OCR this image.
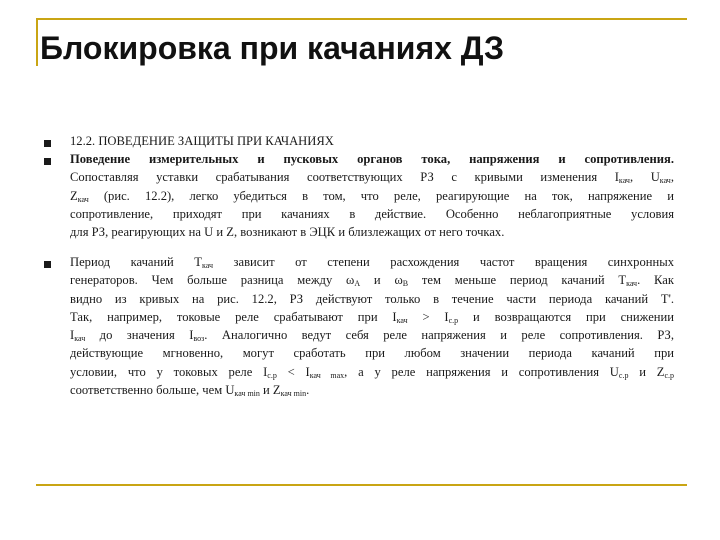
Блокировка при качаниях ДЗ
12.2. ПОВЕДЕНИЕ ЗАЩИТЫ ПРИ КАЧАНИЯХ
Поведение измерительных и пусковых органов тока, напряжения и сопротивления.
Сопоставляя уставки срабатывания соответствующих РЗ с кривыми изменения $I_{кач}$, $U_{кач}$,
$Z_{кач}$ (рис. 12.2), легко убедиться в том, что реле, реагирующие на ток, напряжение и
сопротивление, приходят при качаниях в действие. Особенно неблагоприятные условия
для РЗ, реагирующих на U и Z, возникают в ЭЦК и близлежащих от него точках.
Период качаний $Т_{кач}$ зависит от степени расхождения частот вращения синхронных
генераторов. Чем больше разница между $\omega_A$ и $\omega_B$ тем меньше период качаний $Т_{кач}$. Как
видно из кривых на рис. 12.2, РЗ действуют только в течение части периода качаний Т'.
Так, например, токовые реле срабатывают при $I_{кач} > I_{с.р}$ и возвращаются при снижении
$I_{кач}$ до значения $I_{воз}$. Аналогично ведут себя реле напряжения и реле сопротивления. РЗ,
действующие мгновенно, могут сработать при любом значении периода качаний при
условии, что у токовых реле $I_{с.р} < I_{кач max}$, а у реле напряжения и сопротивления $U_{с.р}$ и $Z_{с.р}$
соответственно больше, чем $U_{кач min}$ и $Z_{кач min}$.
